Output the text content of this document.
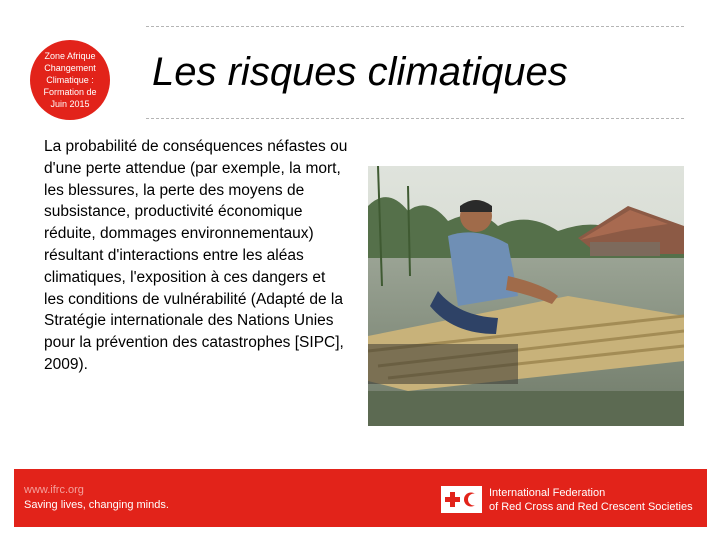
Zone Afrique
Changement
Climatique :
Formation de
Juin 2015
Les risques climatiques
La probabilité de conséquences néfastes ou d'une perte attendue (par exemple, la mort, les blessures, la perte des moyens de subsistance, productivité économique réduite, dommages environnementaux) résultant d'interactions entre les aléas climatiques, l'exposition à ces dangers et les conditions de vulnérabilité (Adapté de la Stratégie internationale des Nations Unies pour la prévention des catastrophes [SIPC], 2009).
www.ifrc.org
Saving lives, changing minds.
International Federation
of Red Cross and Red Crescent Societies
